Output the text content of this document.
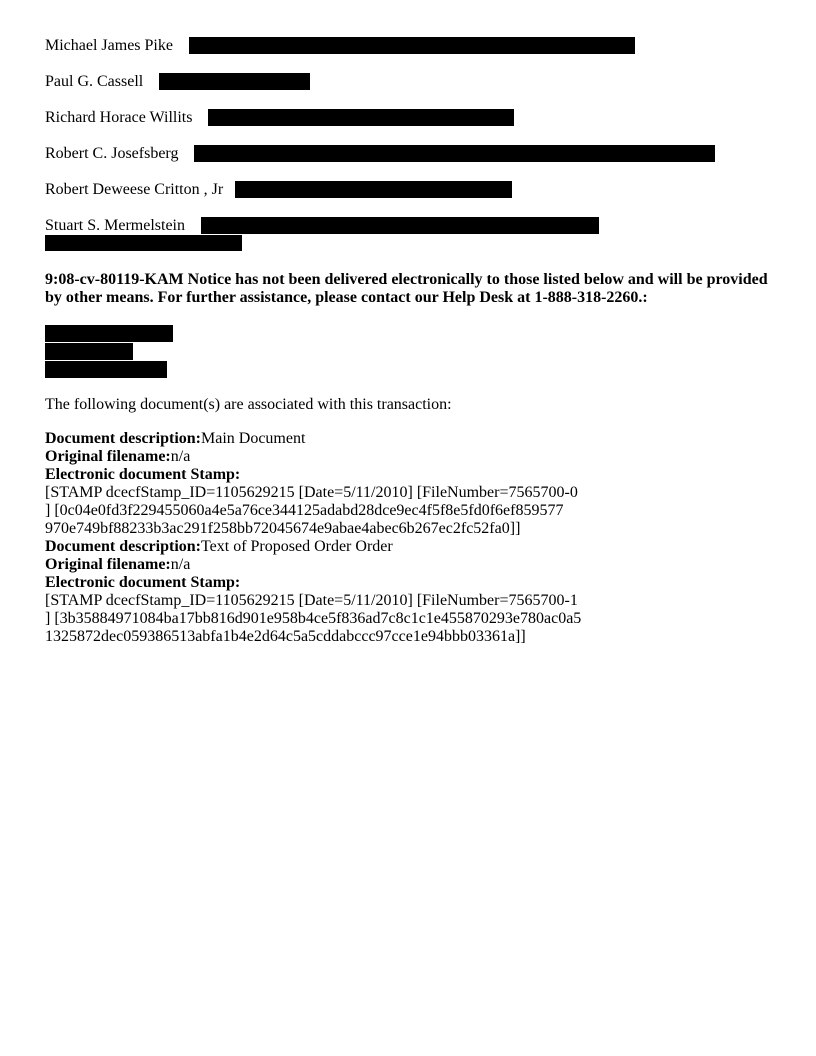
Michael James Pike
Paul G. Cassell
Richard Horace Willits
Robert C. Josefsberg
Robert Deweese Critton , Jr
Stuart S. Mermelstein
9:08-cv-80119-KAM Notice has not been delivered electronically to those listed below and will be provided by other means. For further assistance, please contact our Help Desk at 1-888-318-2260.:
The following document(s) are associated with this transaction:
Document description:Main Document
Original filename:n/a
Electronic document Stamp:
[STAMP dcecfStamp_ID=1105629215 [Date=5/11/2010] [FileNumber=7565700-0
] [0c04e0fd3f229455060a4e5a76ce344125adabd28dce9ec4f5f8e5fd0f6ef859577
970e749bf88233b3ac291f258bb72045674e9abae4abec6b267ec2fc52fa0]]
Document description:Text of Proposed Order Order
Original filename:n/a
Electronic document Stamp:
[STAMP dcecfStamp_ID=1105629215 [Date=5/11/2010] [FileNumber=7565700-1
] [3b35884971084ba17bb816d901e958b4ce5f836ad7c8c1c1e455870293e780ac0a5
1325872dec059386513abfa1b4e2d64c5a5cddabccc97cce1e94bbb03361a]]
